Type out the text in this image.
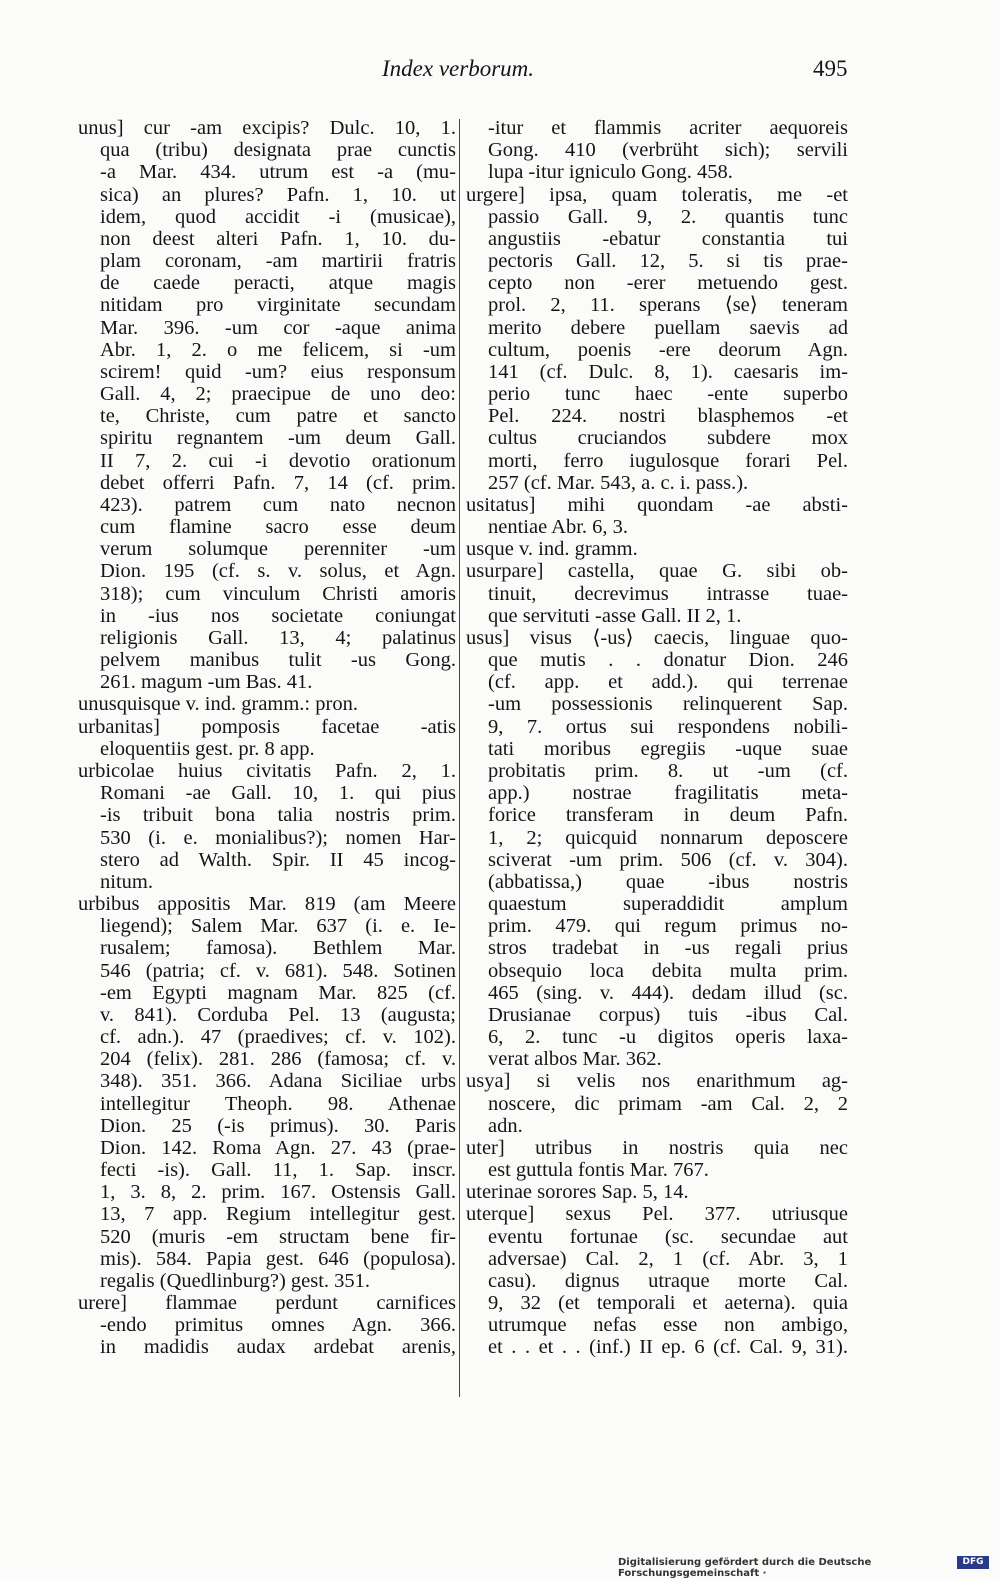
Index verborum.	495
unus] cur -am excipis? Dulc. 10, 1.
qua (tribu) designata prae cunctis
-a Mar. 434. utrum est -a (mu-
sica) an plures? Pafn. 1, 10. ut
idem, quod accidit -i (musicae),
non deest alteri Pafn. 1, 10. du-
plam coronam, -am martirii fratris
de caede peracti, atque magis
nitidam pro virginitate secundam
Mar. 396. -um cor -aque anima
Abr. 1, 2. o me felicem, si -um
scirem! quid -um? eius responsum
Gall. 4, 2; praecipue de uno deo:
te, Christe, cum patre et sancto
spiritu regnantem -um deum Gall.
II 7, 2. cui -i devotio orationum
debet offerri Pafn. 7, 14 (cf. prim.
423). patrem cum nato necnon
cum flamine sacro esse deum
verum solumque perenniter -um
Dion. 195 (cf. s. v. solus, et Agn.
318); cum vinculum Christi amoris
in -ius nos societate coniungat
religionis Gall. 13, 4; palatinus
pelvem manibus tulit -us Gong.
261. magum -um Bas. 41.
unusquisque v. ind. gramm.: pron.
urbanitas] pomposis facetae -atis
eloquentiis gest. pr. 8 app.
urbicolae huius civitatis Pafn. 2, 1.
Romani -ae Gall. 10, 1. qui pius
-is tribuit bona talia nostris prim.
530 (i. e. monialibus?); nomen Har-
stero ad Walth. Spir. II 45 incog-
nitum.
urbibus appositis Mar. 819 (am Meere
liegend); Salem Mar. 637 (i. e. Ie-
rusalem; famosa). Bethlem Mar.
546 (patria; cf. v. 681). 548. Sotinen
-em Egypti magnam Mar. 825 (cf.
v. 841). Corduba Pel. 13 (augusta;
cf. adn.). 47 (praedives; cf. v. 102).
204 (felix). 281. 286 (famosa; cf. v.
348). 351. 366. Adana Siciliae urbs
intellegitur Theoph. 98. Athenae
Dion. 25 (-is primus). 30. Paris
Dion. 142. Roma Agn. 27. 43 (prae-
fecti -is). Gall. 11, 1. Sap. inscr.
1, 3. 8, 2. prim. 167. Ostensis Gall.
13, 7 app. Regium intellegitur gest.
520 (muris -em structam bene fir-
mis). 584. Papia gest. 646 (populosa).
regalis (Quedlinburg?) gest. 351.
urere] flammae perdunt carnifices
-endo primitus omnes Agn. 366.
in madidis audax ardebat arenis,
-itur et flammis acriter aequoreis
Gong. 410 (verbrüht sich); servili
lupa -itur igniculo Gong. 458.
urgere] ipsa, quam toleratis, me -et
passio Gall. 9, 2. quantis tunc
angustiis -ebatur constantia tui
pectoris Gall. 12, 5. si tis prae-
cepto non -erer metuendo gest.
prol. 2, 11. sperans ⟨se⟩ teneram
merito debere puellam saevis ad
cultum, poenis -ere deorum Agn.
141 (cf. Dulc. 8, 1). caesaris im-
perio tunc haec -ente superbo
Pel. 224. nostri blasphemos -et
cultus cruciandos subdere mox
morti, ferro iugulosque forari Pel.
257 (cf. Mar. 543, a. c. i. pass.).
usitatus] mihi quondam -ae absti-
nentiae Abr. 6, 3.
usque v. ind. gramm.
usurpare] castella, quae G. sibi ob-
tinuit, decrevimus intrasse tuae-
que servituti -asse Gall. II 2, 1.
usus] visus ⟨-us⟩ caecis, linguae quo-
que mutis . . donatur Dion. 246
(cf. app. et add.). qui terrenae
-um possessionis relinquerent Sap.
9, 7. ortus sui respondens nobili-
tati moribus egregiis -uque suae
probitatis prim. 8. ut -um (cf.
app.) nostrae fragilitatis meta-
forice transferam in deum Pafn.
1, 2; quicquid nonnarum deposcere
sciverat -um prim. 506 (cf. v. 304).
(abbatissa,) quae -ibus nostris
quaestum superaddidit amplum
prim. 479. qui regum primus no-
stros tradebat in -us regali prius
obsequio loca debita multa prim.
465 (sing. v. 444). dedam illud (sc.
Drusianae corpus) tuis -ibus Cal.
6, 2. tunc -u digitos operis laxa-
verat albos Mar. 362.
usya] si velis nos enarithmum ag-
noscere, dic primam -am Cal. 2, 2
adn.
uter] utribus in nostris quia nec
est guttula fontis Mar. 767.
uterinae sorores Sap. 5, 14.
uterque] sexus Pel. 377. utriusque
eventu fortunae (sc. secundae aut
adversae) Cal. 2, 1 (cf. Abr. 3, 1
casu). dignus utraque morte Cal.
9, 32 (et temporali et aeterna). quia
utrumque nefas esse non ambigo,
et . . et . . (inf.) II ep. 6 (cf. Cal. 9, 31).
Digitalisierung gefördert durch die Deutsche Forschungsgemeinschaft ·
DFG
